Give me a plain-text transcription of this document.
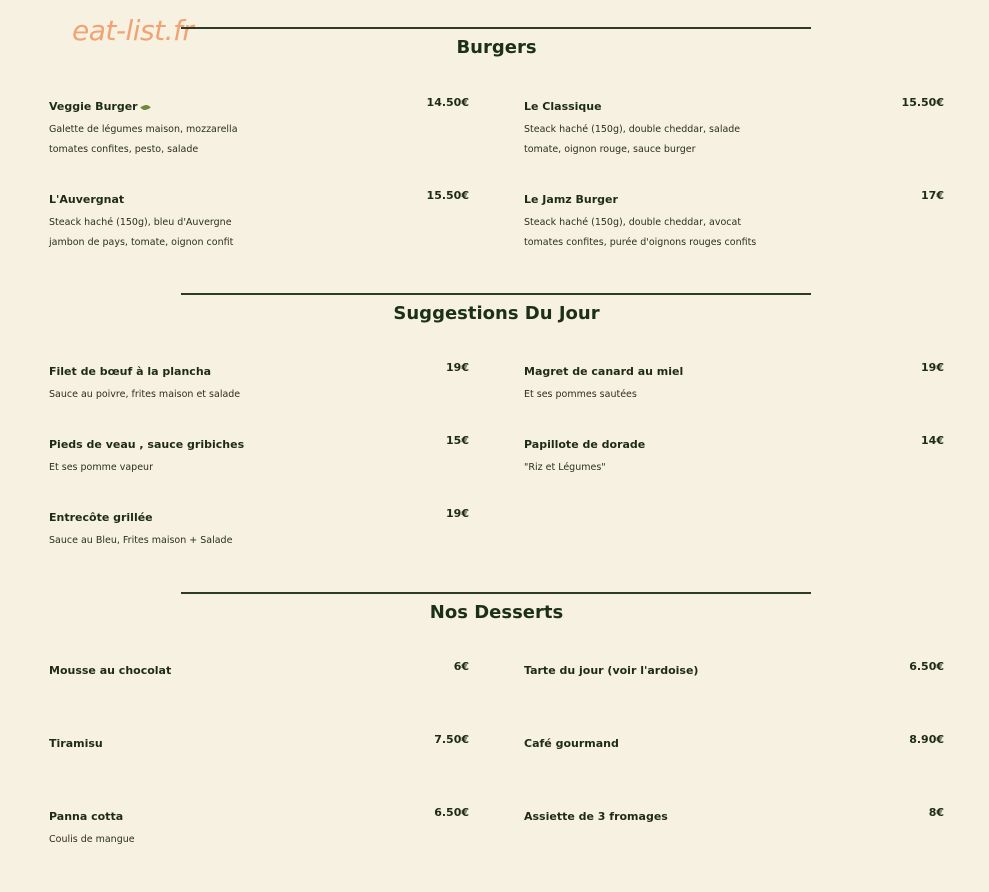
eat-list.fr
Burgers
Veggie Burger	14.50€
Galette de légumes maison, mozzarella
tomates confites, pesto, salade
Le Classique	15.50€
Steack haché (150g), double cheddar, salade
tomate, oignon rouge, sauce burger
L'Auvergnat	15.50€
Steack haché (150g), bleu d'Auvergne
jambon de pays, tomate, oignon confit
Le Jamz Burger	17€
Steack haché (150g), double cheddar, avocat
tomates confites, purée d'oignons rouges confits
Suggestions Du Jour
Filet de bœuf à la plancha	19€
Sauce au poivre, frites maison et salade
Magret de canard au miel	19€
Et ses pommes sautées
Pieds de veau , sauce gribiches	15€
Et ses pomme vapeur
Papillote de dorade	14€
"Riz et Légumes"
Entrecôte grillée	19€
Sauce au Bleu, Frites maison + Salade
Nos Desserts
Mousse au chocolat	6€	Tarte du jour (voir l'ardoise)	6.50€
Tiramisu	7.50€	Café gourmand	8.90€
Panna cotta	6.50€
Coulis de mangue
Assiette de 3 fromages	8€
